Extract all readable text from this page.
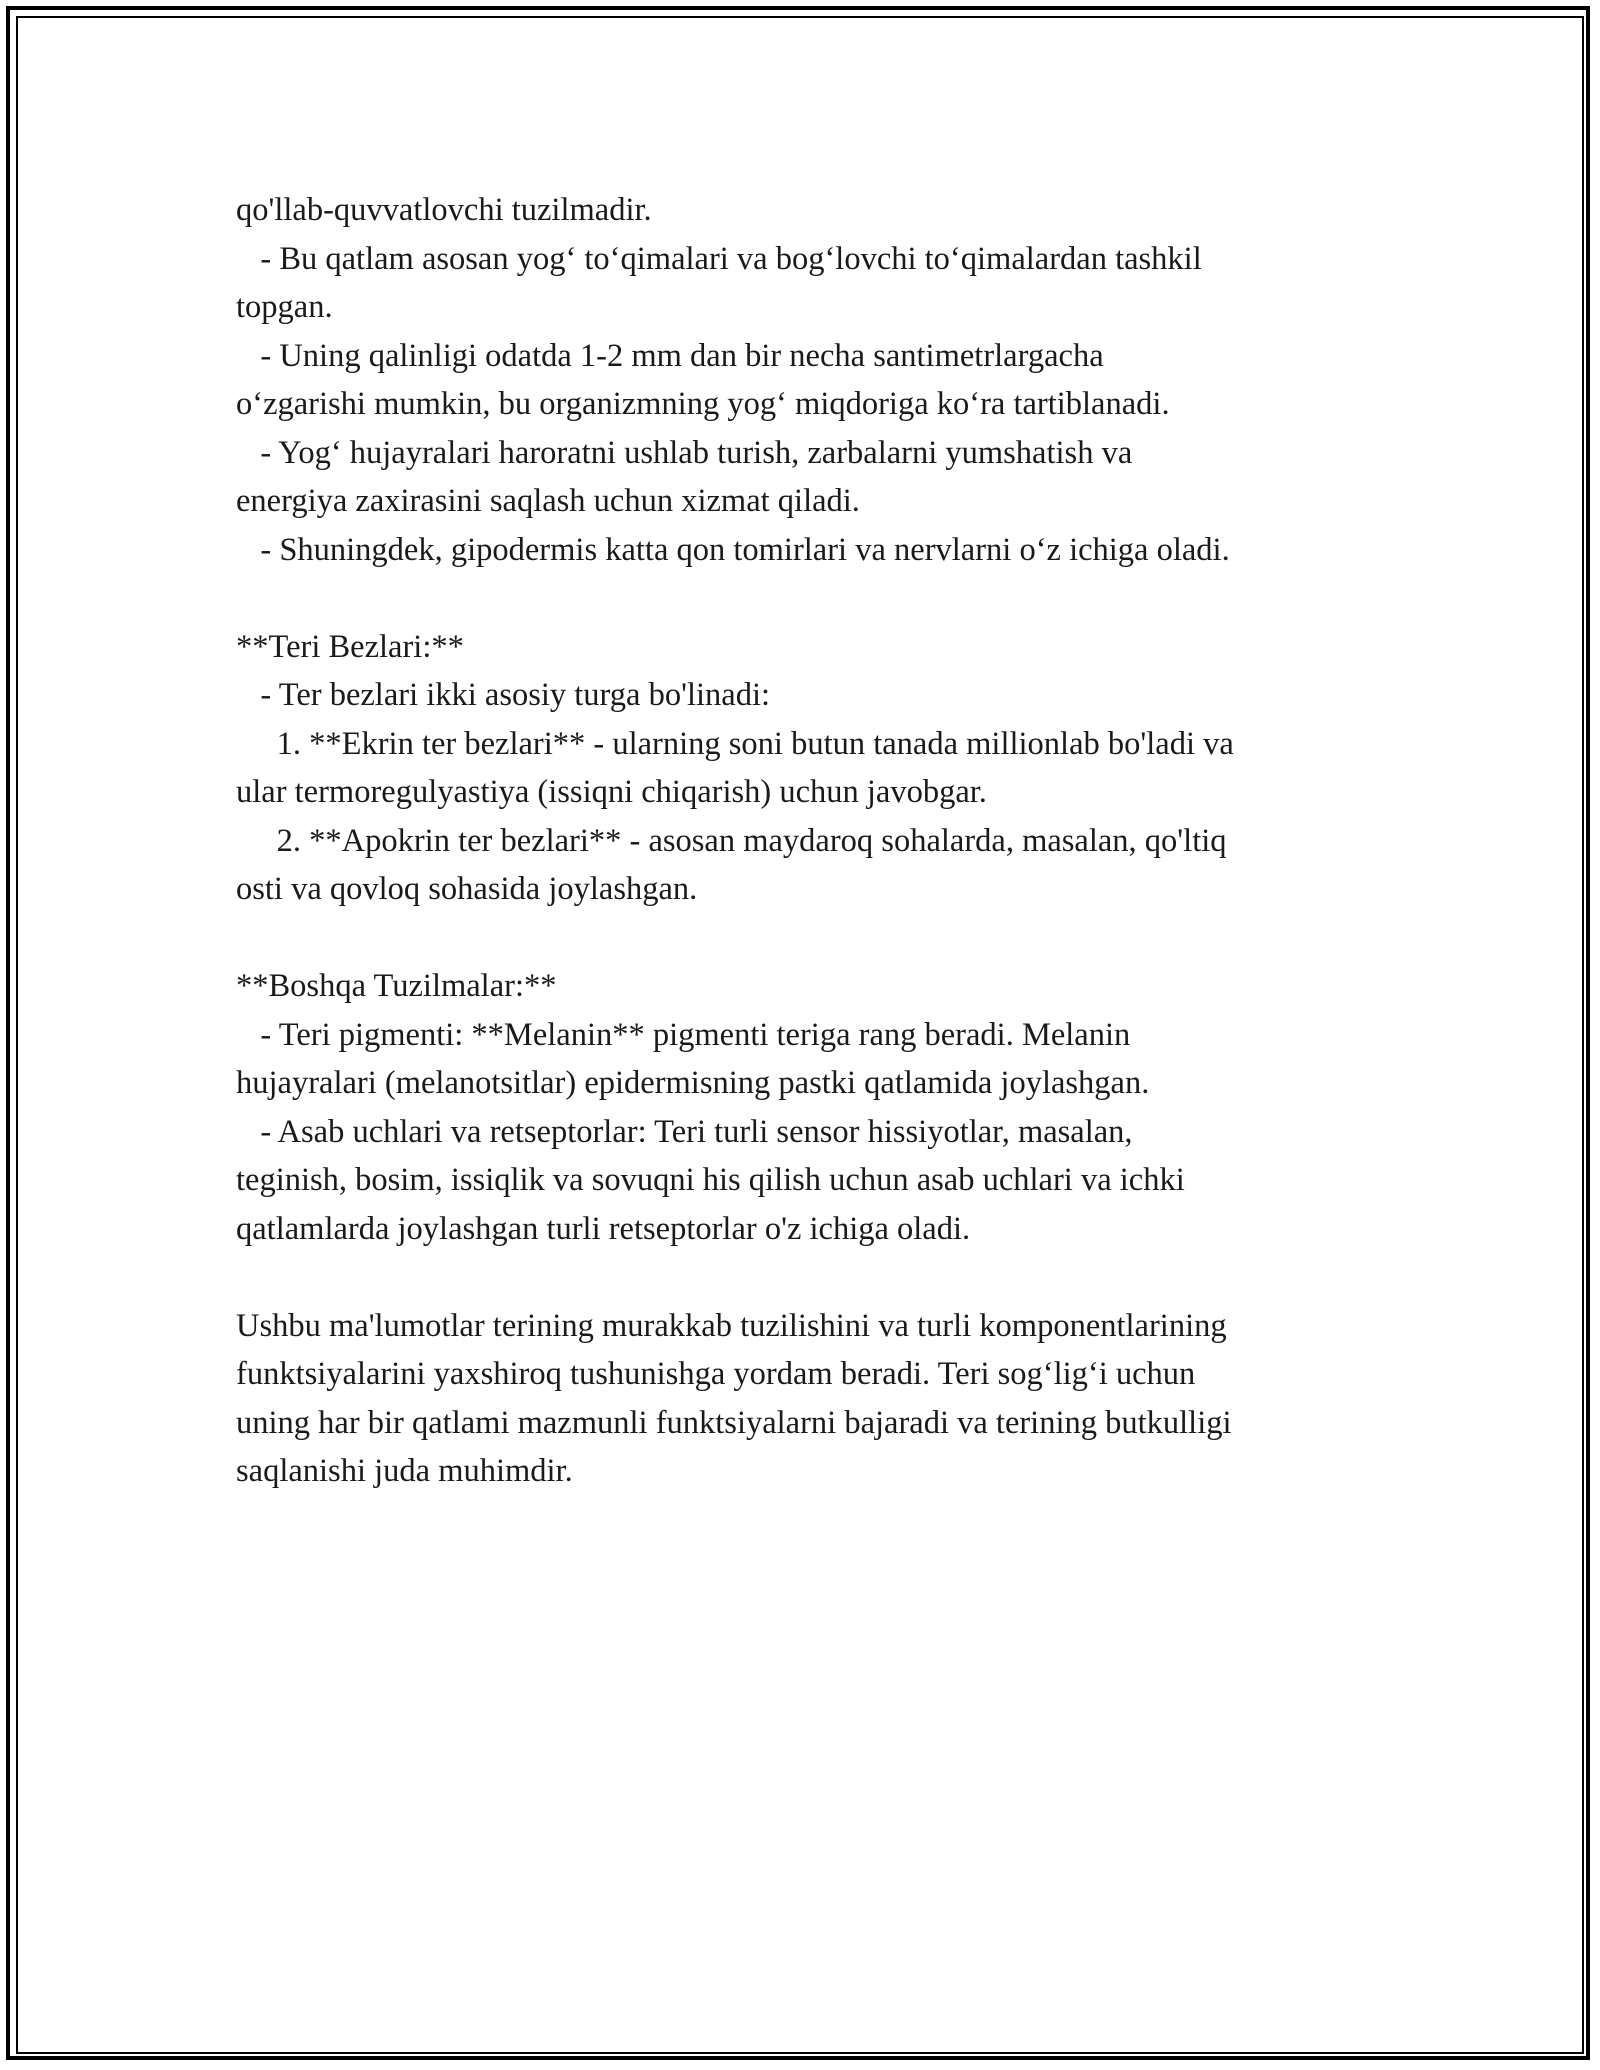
qo'llab-quvvatlovchi tuzilmadir.
- Bu qatlam asosan yog‘ to‘qimalari va bog‘lovchi to‘qimalardan tashkil
topgan.
- Uning qalinligi odatda 1-2 mm dan bir necha santimetrlargacha
o‘zgarishi mumkin, bu organizmning yog‘ miqdoriga ko‘ra tartiblanadi.
- Yog‘ hujayralari haroratni ushlab turish, zarbalarni yumshatish va
energiya zaxirasini saqlash uchun xizmat qiladi.
- Shuningdek, gipodermis katta qon tomirlari va nervlarni o‘z ichiga oladi.
**Teri Bezlari:**
- Ter bezlari ikki asosiy turga bo'linadi:
1. **Ekrin ter bezlari** - ularning soni butun tanada millionlab bo'ladi va
ular termoregulyastiya (issiqni chiqarish) uchun javobgar.
2. **Apokrin ter bezlari** - asosan maydaroq sohalarda, masalan, qo'ltiq
osti va qovloq sohasida joylashgan.
**Boshqa Tuzilmalar:**
- Teri pigmenti: **Melanin** pigmenti teriga rang beradi. Melanin
hujayralari (melanotsitlar) epidermisning pastki qatlamida joylashgan.
- Asab uchlari va retseptorlar: Teri turli sensor hissiyotlar, masalan,
teginish, bosim, issiqlik va sovuqni his qilish uchun asab uchlari va ichki
qatlamlarda joylashgan turli retseptorlar o'z ichiga oladi.
Ushbu ma'lumotlar terining murakkab tuzilishini va turli komponentlarining
funktsiyalarini yaxshiroq tushunishga yordam beradi. Teri sog‘lig‘i uchun
uning har bir qatlami mazmunli funktsiyalarni bajaradi va terining butkulligi
saqlanishi juda muhimdir.
